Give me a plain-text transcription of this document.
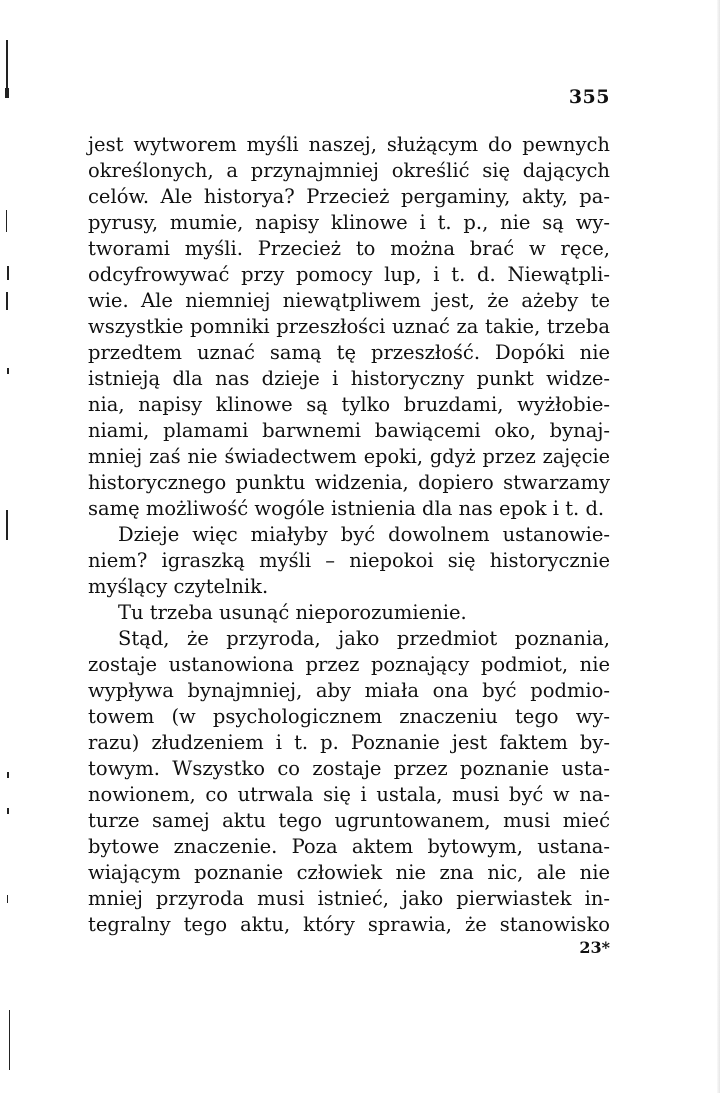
355
jest wytworem myśli naszej, służącym do pewnych
określonych, a przynajmniej określić się dających
celów. Ale historya? Przecież pergaminy, akty, pa-
pyrusy, mumie, napisy klinowe i t. p., nie są wy-
tworami myśli. Przecież to można brać w ręce,
odcyfrowywać przy pomocy lup, i t. d. Niewątpli-
wie. Ale niemniej niewątpliwem jest, że ażeby te
wszystkie pomniki przeszłości uznać za takie, trzeba
przedtem uznać samą tę przeszłość. Dopóki nie
istnieją dla nas dzieje i historyczny punkt widze-
nia, napisy klinowe są tylko bruzdami, wyżłobie-
niami, plamami barwnemi bawiącemi oko, bynaj-
mniej zaś nie świadectwem epoki, gdyż przez zajęcie
historycznego punktu widzenia, dopiero stwarzamy
samę możliwość wogóle istnienia dla nas epok i t. d.
Dzieje więc miałyby być dowolnem ustanowie-
niem? igraszką myśli – niepokoi się historycznie
myślący czytelnik.
Tu trzeba usunąć nieporozumienie.
Stąd, że przyroda, jako przedmiot poznania,
zostaje ustanowiona przez poznający podmiot, nie
wypływa bynajmniej, aby miała ona być podmio-
towem (w psychologicznem znaczeniu tego wy-
razu) złudzeniem i t. p. Poznanie jest faktem by-
towym. Wszystko co zostaje przez poznanie usta-
nowionem, co utrwala się i ustala, musi być w na-
turze samej aktu tego ugruntowanem, musi mieć
bytowe znaczenie. Poza aktem bytowym, ustana-
wiającym poznanie człowiek nie zna nic, ale nie
mniej przyroda musi istnieć, jako pierwiastek in-
tegralny tego aktu, który sprawia, że stanowisko
23*
